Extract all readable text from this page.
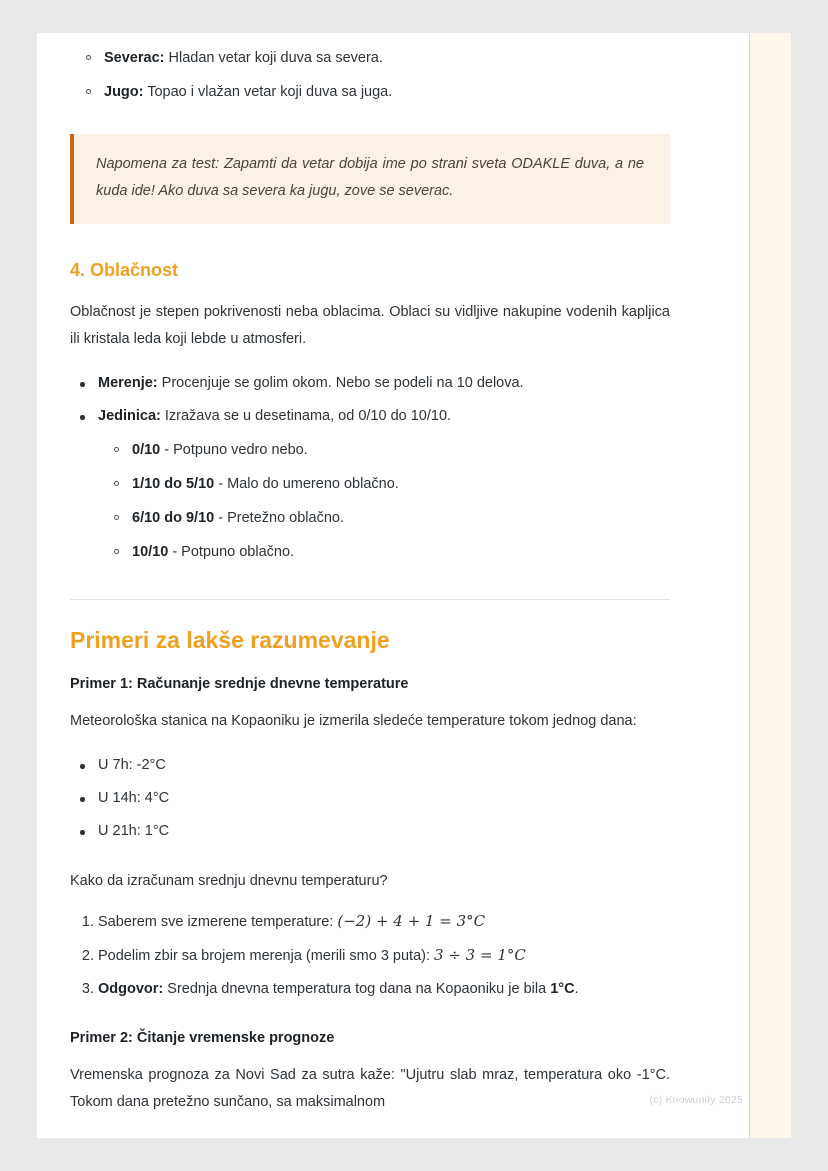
Severac: Hladan vetar koji duva sa severa.
Jugo: Topao i vlažan vetar koji duva sa juga.

Napomena za test: Zapamti da vetar dobija ime po strani sveta ODAKLE duva, a ne kuda ide! Ako duva sa severa ka jugu, zove se severac.

4. Oblačnost

Oblačnost je stepen pokrivenosti neba oblacima. Oblaci su vidljive nakupine vodenih kapljica ili kristala leda koji lebde u atmosferi.

Merenje: Procenjuje se golim okom. Nebo se podeli na 10 delova.
Jedinica: Izražava se u desetinama, od 0/10 do 10/10.
0/10 - Potpuno vedro nebo.
1/10 do 5/10 - Malo do umereno oblačno.
6/10 do 9/10 - Pretežno oblačno.
10/10 - Potpuno oblačno.
Primeri za lakše razumevanje
Primer 1: Računanje srednje dnevne temperature

Meteorološka stanica na Kopaoniku je izmerila sledeće temperature tokom jednog dana:

U 7h: -2°C
U 14h: 4°C
U 21h: 1°C

Kako da izračunam srednju dnevnu temperaturu?

1. Saberem sve izmerene temperature: (−2) + 4 + 1 = 3°C
2. Podelim zbir sa brojem merenja (merili smo 3 puta): 3 ÷ 3 = 1°C
3. Odgovor: Srednja dnevna temperatura tog dana na Kopaoniku je bila 1°C.
Primer 2: Čitanje vremenske prognoze

Vremenska prognoza za Novi Sad za sutra kaže: "Ujutru slab mraz, temperatura oko -1°C. Tokom dana pretežno sunčano, sa maksimalnom	(c) Knowunity 2025
